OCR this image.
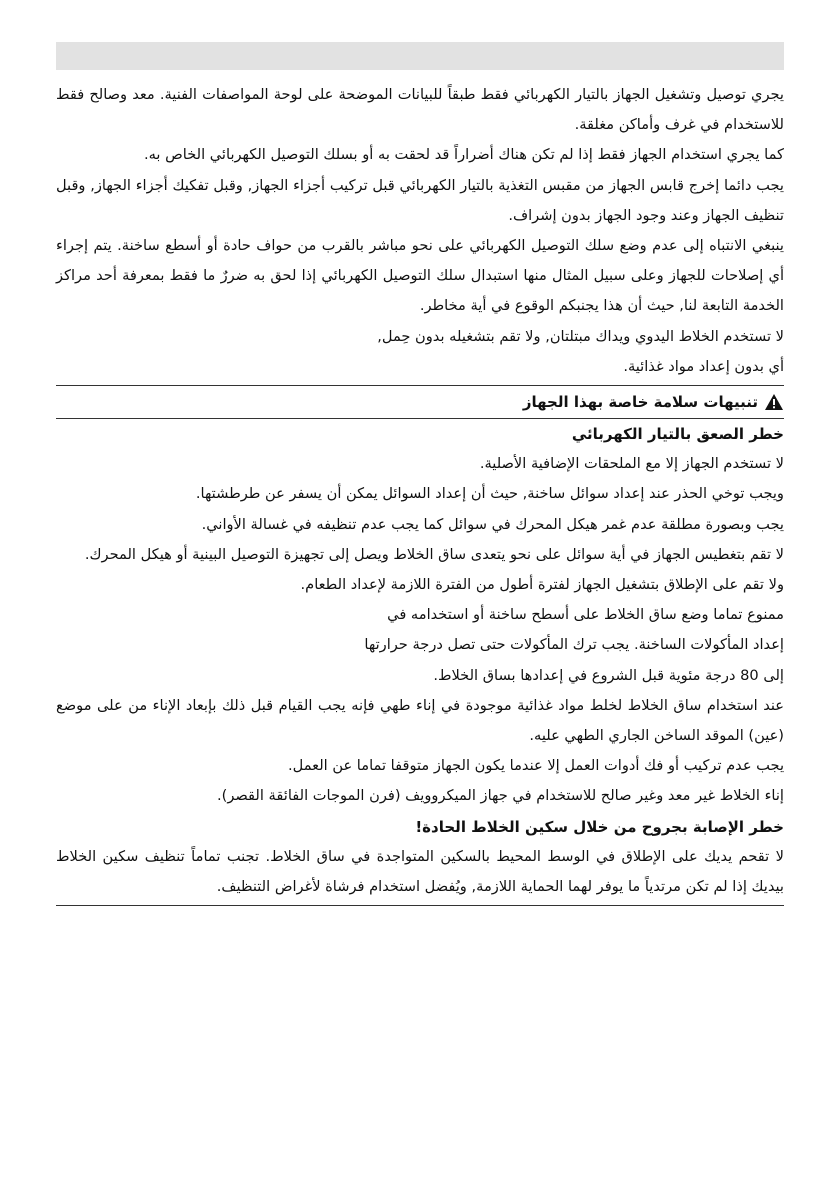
يجري توصيل وتشغيل الجهاز بالتيار الكهربائي فقط طبقاً للبيانات الموضحة على لوحة المواصفات الفنية. معد وصالح فقط للاستخدام في غرف وأماكن مغلقة.

كما يجري استخدام الجهاز فقط إذا لم تكن هناك أضراراً قد لحقت به أو بسلك التوصيل الكهربائي الخاص به.

يجب دائما إخرج قابس الجهاز من مقبس التغذية بالتيار الكهربائي قبل تركيب أجزاء الجهاز, وقبل تفكيك أجزاء الجهاز, وقبل تنظيف الجهاز وعند وجود الجهاز بدون إشراف.

ينبغي الانتباه إلى عدم وضع سلك التوصيل الكهربائي على نحو مباشر بالقرب من حواف حادة أو أسطع ساخنة. يتم إجراء أي إصلاحات للجهاز وعلى سبيل المثال منها استبدال سلك التوصيل الكهربائي إذا لحق به ضررٌ ما فقط بمعرفة أحد مراكز الخدمة التابعة لنا, حيث أن هذا يجنبكم الوقوع في أية مخاطر.

لا تستخدم الخلاط اليدوي ويداك مبتلتان, ولا تقم بتشغيله بدون حِمل,

أي بدون إعداد مواد غذائية.

تنبيهات سلامة خاصة بهذا الجهاز

خطر الصعق بالتيار الكهربائي

لا تستخدم الجهاز إلا مع الملحقات الإضافية الأصلية.

ويجب توخي الحذر عند إعداد سوائل ساخنة, حيث أن إعداد السوائل يمكن أن يسفر عن طرطشتها.

يجب وبصورة مطلقة عدم غمر هيكل المحرك في سوائل كما يجب عدم تنظيفه في غسالة الأواني.

لا تقم بتغطيس الجهاز في أية سوائل على نحو يتعدى ساق الخلاط ويصل إلى تجهيزة التوصيل البينية أو هيكل المحرك.

ولا تقم على الإطلاق بتشغيل الجهاز لفترة أطول من الفترة اللازمة لإعداد الطعام.

ممنوع تماما وضع ساق الخلاط على أسطح ساخنة أو استخدامه في

إعداد المأكولات الساخنة. يجب ترك المأكولات حتى تصل درجة حرارتها

إلى 80 درجة مئوية قبل الشروع في إعدادها بساق الخلاط.

عند استخدام ساق الخلاط لخلط مواد غذائية موجودة في إناء طهي فإنه يجب القيام قبل ذلك بإبعاد الإناء من على موضع (عين) الموقد الساخن الجاري الطهي عليه.

يجب عدم تركيب أو فك أدوات العمل إلا عندما يكون الجهاز متوقفا تماما عن العمل.

إناء الخلاط غير معد وغير صالح للاستخدام في جهاز الميكروويف (فرن الموجات الفائقة القصر).

خطر الإصابة بجروح من خلال سكين الخلاط الحادة!

لا تقحم يديك على الإطلاق في الوسط المحيط بالسكين المتواجدة في ساق الخلاط. تجنب تماماً تنظيف سكين الخلاط بيديك إذا لم تكن مرتدياً ما يوفر لهما الحماية اللازمة, ويُفضل استخدام فرشاة لأغراض التنظيف.
